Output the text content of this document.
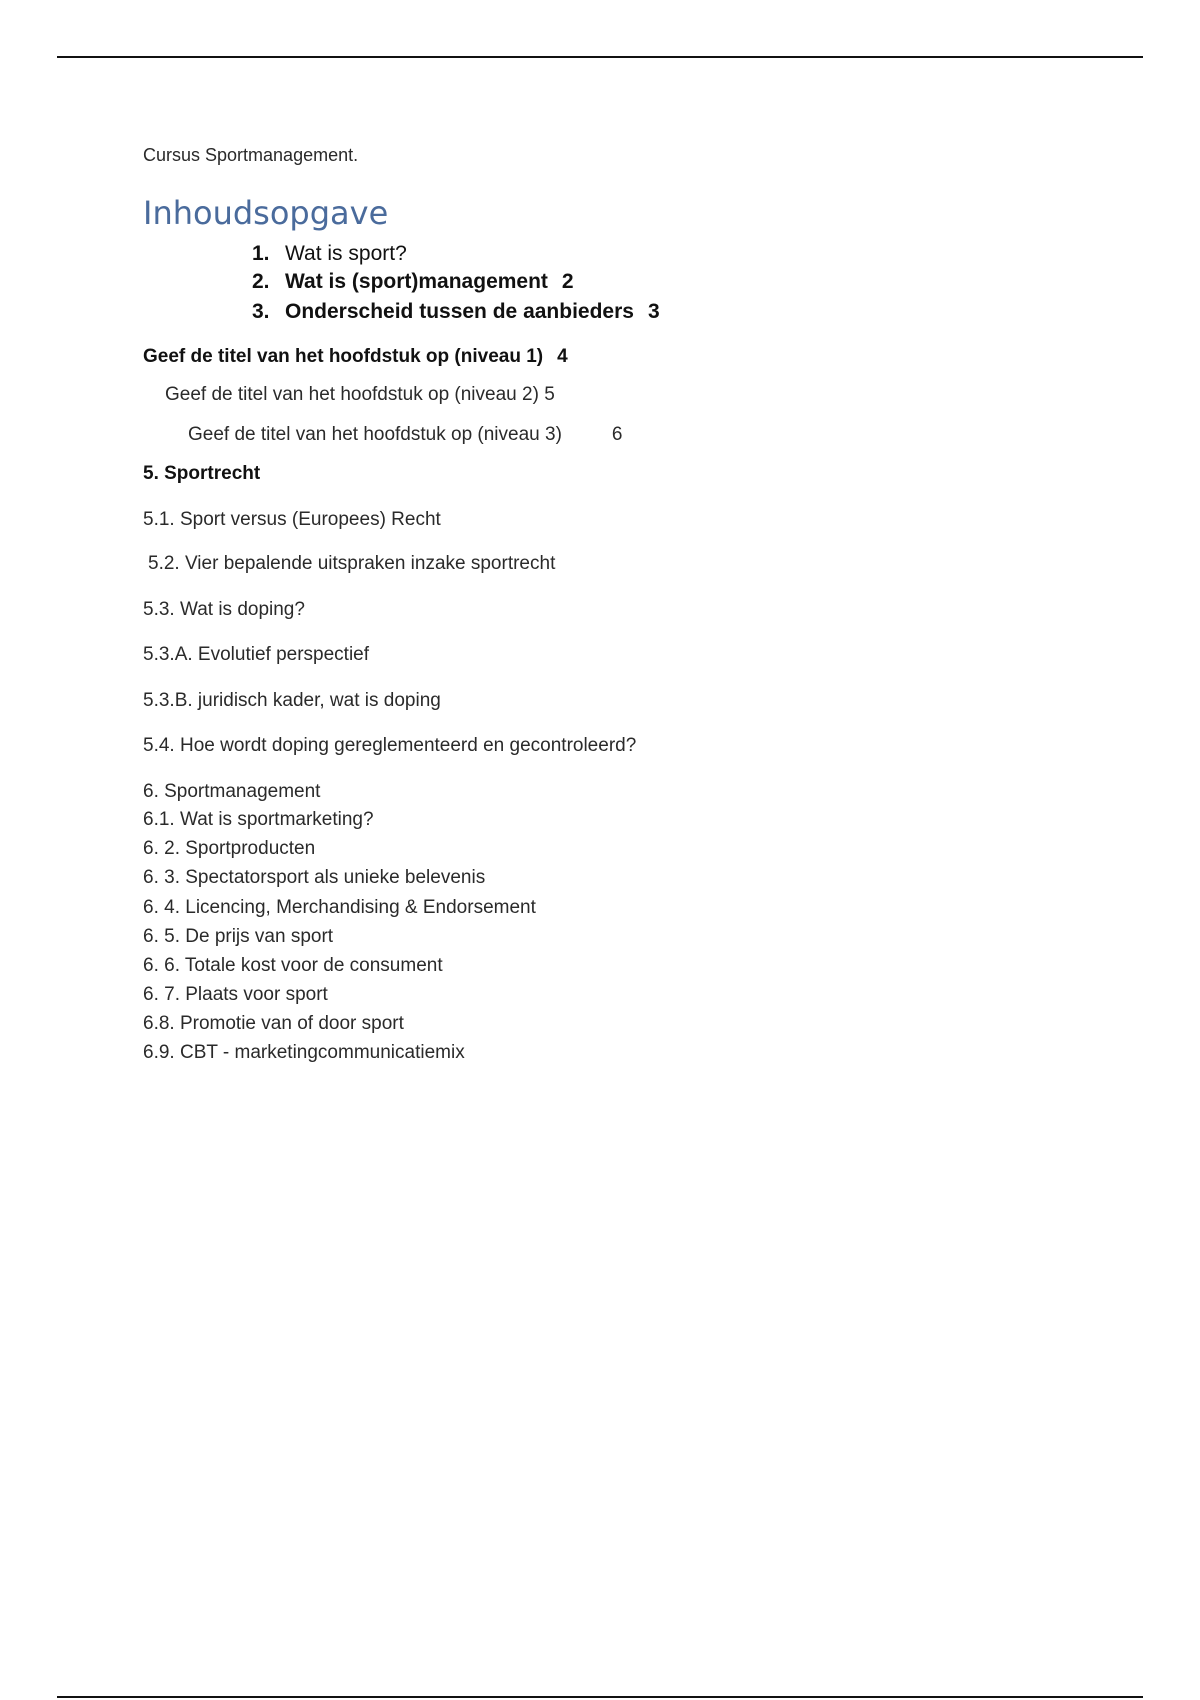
Cursus Sportmanagement.
Inhoudsopgave
1. Wat is sport?
2. Wat is (sport)management 2
3. Onderscheid tussen de aanbieders 3
Geef de titel van het hoofdstuk op (niveau 1) 4
Geef de titel van het hoofdstuk op (niveau 2) 5
Geef de titel van het hoofdstuk op (niveau 3)	6
5. Sportrecht
5.1. Sport versus (Europees) Recht
5.2. Vier bepalende uitspraken inzake sportrecht
5.3. Wat is doping?
5.3.A. Evolutief perspectief
5.3.B. juridisch kader, wat is doping
5.4. Hoe wordt doping gereglementeerd en gecontroleerd?
6. Sportmanagement
6.1. Wat is sportmarketing?
6. 2. Sportproducten
6. 3. Spectatorsport als unieke belevenis
6. 4. Licencing, Merchandising & Endorsement
6. 5. De prijs van sport
6. 6. Totale kost voor de consument
6. 7. Plaats voor sport
6.8. Promotie van of door sport
6.9. CBT - marketingcommunicatiemix
